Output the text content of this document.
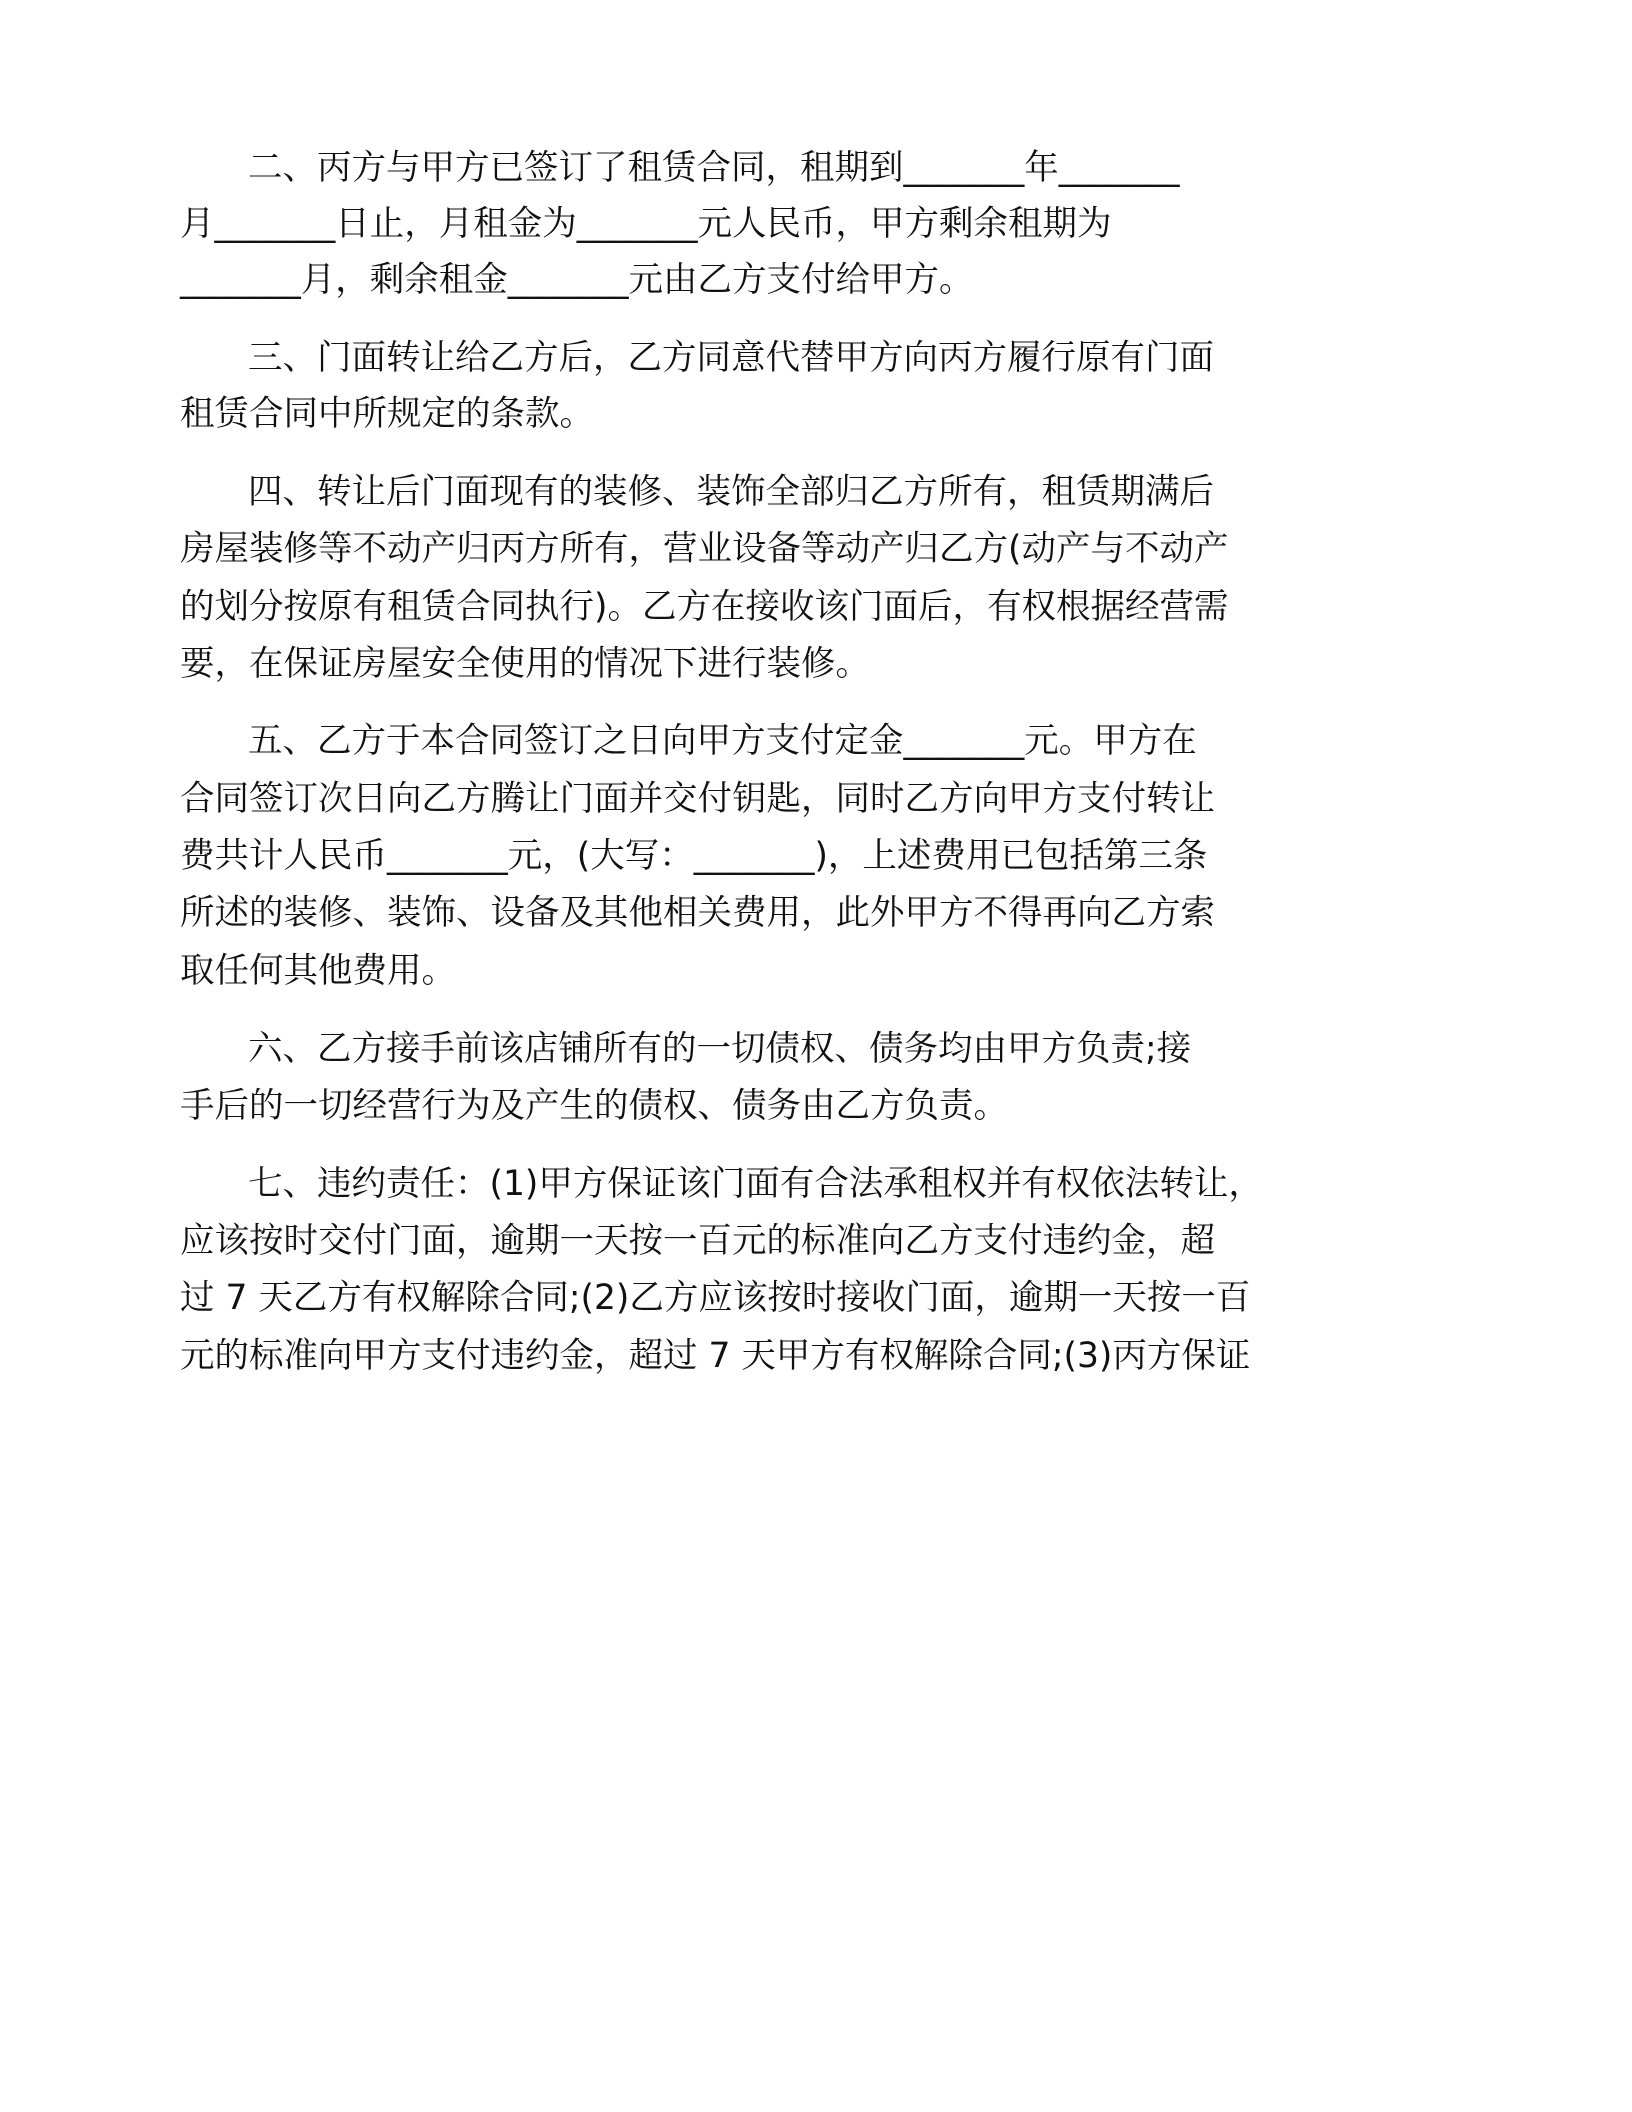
二、丙方与甲方已签订了租赁合同，租期到_______年_______
月_______日止，月租金为_______元人民币，甲方剩余租期为
_______月，剩余租金_______元由乙方支付给甲方。
三、门面转让给乙方后，乙方同意代替甲方向丙方履行原有门面
租赁合同中所规定的条款。
四、转让后门面现有的装修、装饰全部归乙方所有，租赁期满后
房屋装修等不动产归丙方所有，营业设备等动产归乙方(动产与不动产
的划分按原有租赁合同执行)。乙方在接收该门面后，有权根据经营需
要，在保证房屋安全使用的情况下进行装修。
五、乙方于本合同签订之日向甲方支付定金_______元。甲方在
合同签订次日向乙方腾让门面并交付钥匙，同时乙方向甲方支付转让
费共计人民币_______元，(大写：_______)，上述费用已包括第三条
所述的装修、装饰、设备及其他相关费用，此外甲方不得再向乙方索
取任何其他费用。
六、乙方接手前该店铺所有的一切债权、债务均由甲方负责;接
手后的一切经营行为及产生的债权、债务由乙方负责。
七、违约责任：(1)甲方保证该门面有合法承租权并有权依法转让，
应该按时交付门面，逾期一天按一百元的标准向乙方支付违约金，超
过 7 天乙方有权解除合同;(2)乙方应该按时接收门面，逾期一天按一百
元的标准向甲方支付违约金，超过 7 天甲方有权解除合同;(3)丙方保证
